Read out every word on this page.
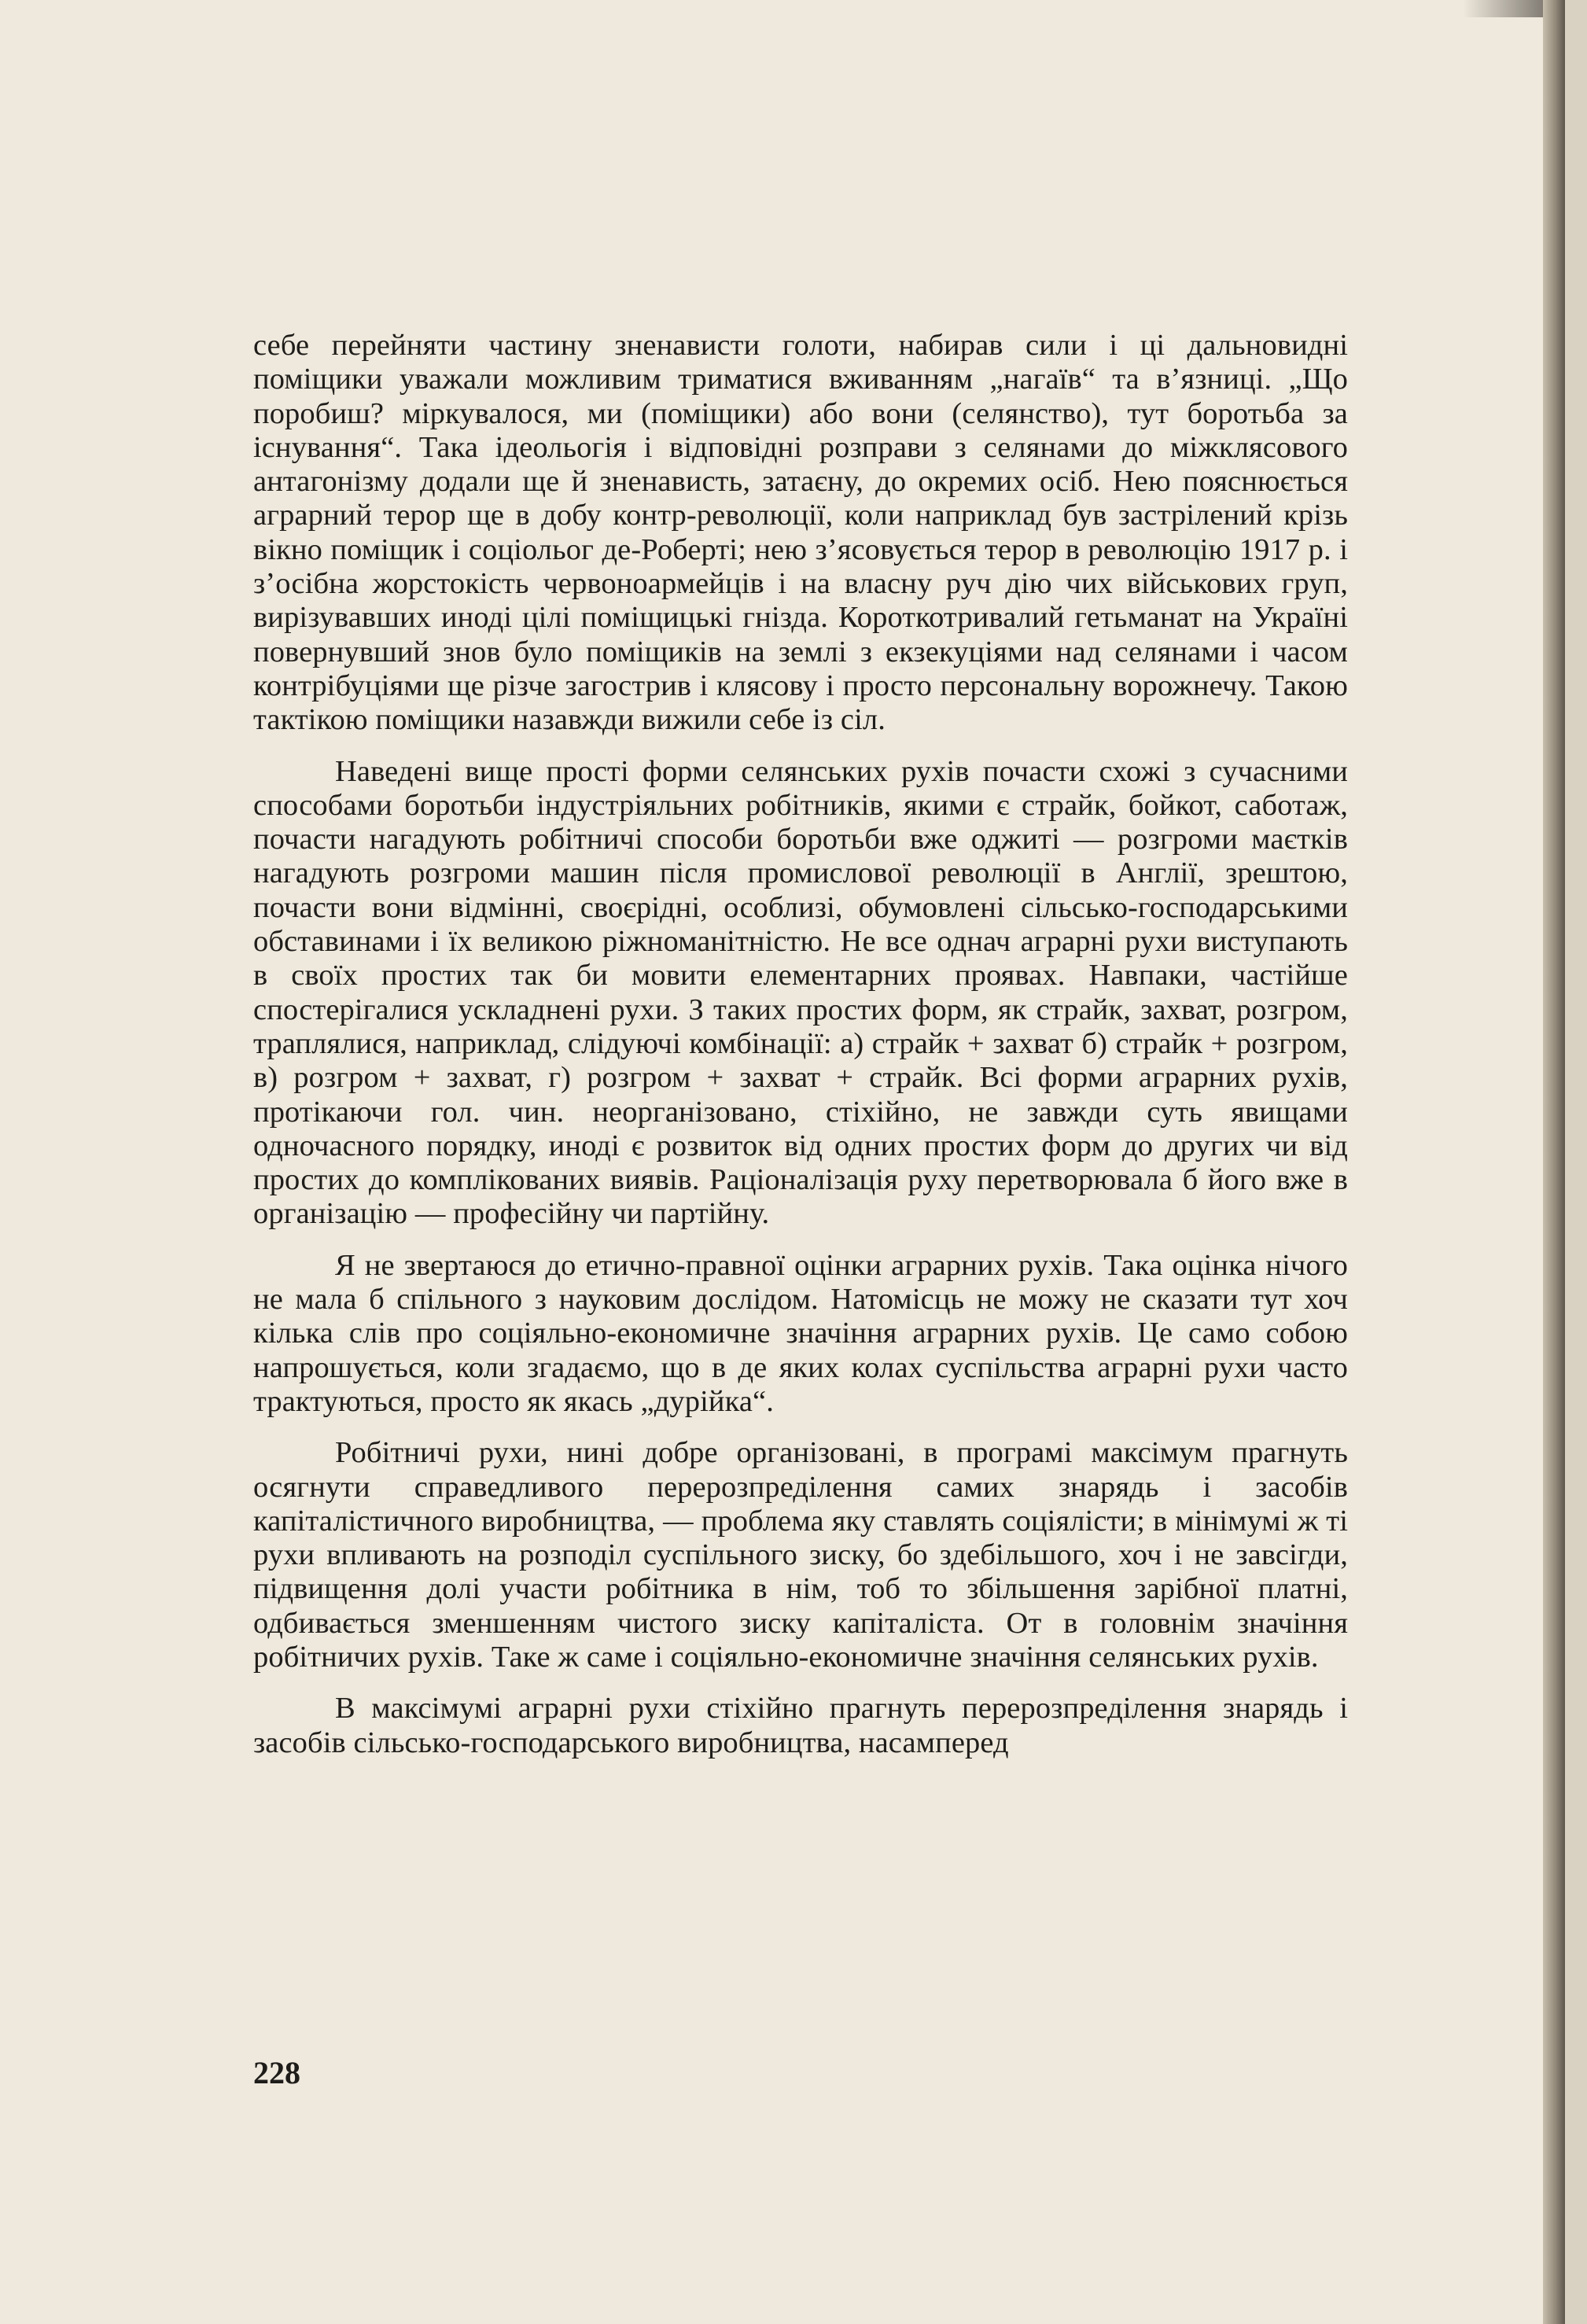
себе перейняти частину зненависти голоти, набирав сили і ці дальновидні поміщики уважали можливим триматися вживанням „нагаїв“ та в’язниці. „Що поробиш? міркувалося, ми (поміщики) або вони (селянство), тут боротьба за існування“. Така ідеольогія і відповідні розправи з селянами до міжклясового антагонізму додали ще й зненависть, затаєну, до окремих осіб. Нею пояснюється аграрний терор ще в добу контр-революції, коли наприклад був застрілений крізь вікно поміщик і соціольог де-Роберті; нею з’ясовується терор в революцію 1917 р. і з’осібна жорстокість червоноармейців і на власну руч дію чих військових груп, вирізувавших иноді цілі поміщицькі гнізда. Короткотривалий гетьманат на Україні повернувший знов було поміщиків на землі з екзекуціями над селянами і часом контрібуціями ще різче загострив і клясову і просто персональну ворожнечу. Такою тактікою поміщики назавжди вижили себе із сіл.

Наведені вище прості форми селянських рухів почасти схожі з сучасними способами боротьби індустріяльних робітників, якими є страйк, бойкот, саботаж, почасти нагадують робітничі способи боротьби вже оджиті — розгроми маєтків нагадують розгроми машин після промислової революції в Англії, зрештою, почасти вони відмінні, своєрідні, особлизі, обумовлені сільсько-господарськими обставинами і їх великою ріжноманітністю. Не все однач аграрні рухи виступають в своїх простих так би мовити елементарних проявах. Навпаки, частійше спостерігалися ускладнені рухи. З таких простих форм, як страйк, захват, розгром, траплялися, наприклад, слідуючі комбінації: а) страйк + захват б) страйк + розгром, в) розгром + захват, г) розгром + захват + страйк. Всі форми аграрних рухів, протікаючи гол. чин. неорганізовано, стіхійно, не завжди суть явищами одночасного порядку, иноді є розвиток від одних простих форм до других чи від простих до комплікованих виявів. Раціоналізація руху перетворювала б його вже в організацію — професійну чи партійну.

Я не звертаюся до етично-правної оцінки аграрних рухів. Така оцінка нічого не мала б спільного з науковим дослідом. Натомісць не можу не сказати тут хоч кілька слів про соціяльно-економичне значіння аграрних рухів. Це само собою напрошується, коли згадаємо, що в де яких колах суспільства аграрні рухи часто трактуються, просто як якась „дурійка“.

Робітничі рухи, нині добре організовані, в програмі максімум прагнуть осягнути справедливого перерозпреділення самих знарядь і засобів капіталістичного виробництва, — проблема яку ставлять соціялісти; в мінімумі ж ті рухи впливають на розподіл суспільного зиску, бо здебільшого, хоч і не завсігди, підвищення долі участи робітника в нім, тоб то збільшення зарібної платні, одбивається зменшенням чистого зиску капіталіста. От в головнім значіння робітничих рухів. Таке ж саме і соціяльно-економичне значіння селянських рухів.

В максімумі аграрні рухи стіхійно прагнуть перерозпреділення знарядь і засобів сільсько-господарського виробництва, насамперед

228
